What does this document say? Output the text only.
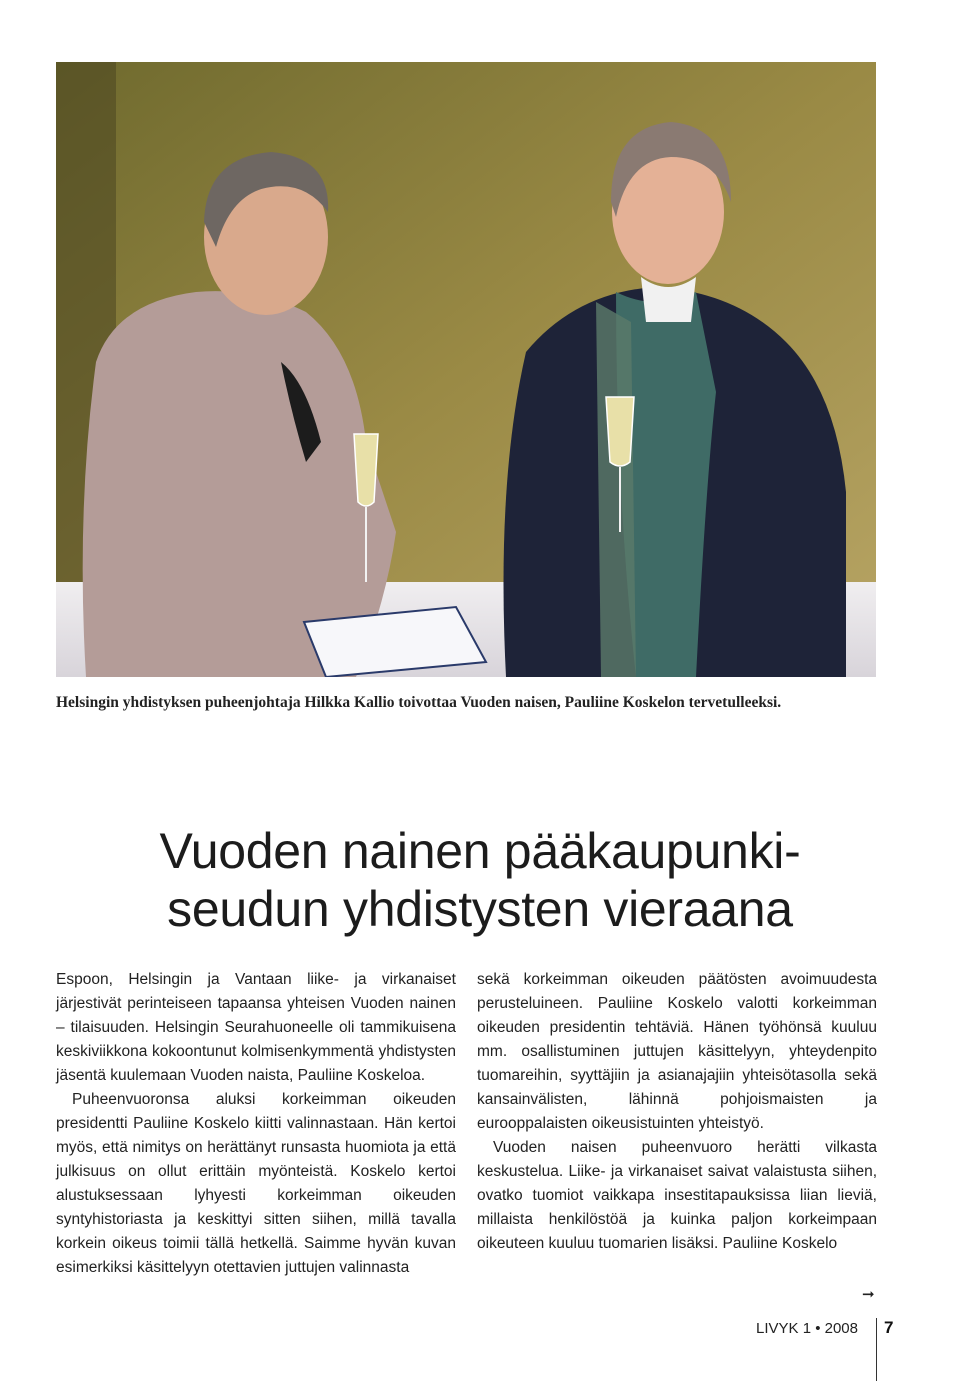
Helsingin yhdistyksen puheenjohtaja Hilkka Kallio toivottaa Vuoden naisen, Pauliine Koskelon tervetulleeksi.
Vuoden nainen pääkaupunki-
seudun yhdistysten vieraana

Espoon, Helsingin ja Vantaan liike- ja virkanaiset järjestivät perinteiseen tapaansa yhteisen Vuoden nainen – tilaisuuden. Helsingin Seurahuoneelle oli tammikuisena keskiviikkona kokoontunut kolmisenkymmentä yhdistysten jäsentä kuulemaan Vuoden naista, Pauliine Koskeloa.

Puheenvuoronsa aluksi korkeimman oikeuden presidentti Pauliine Koskelo kiitti valinnastaan. Hän kertoi myös, että nimitys on herättänyt runsasta huomiota ja että julkisuus on ollut erittäin myönteistä. Koskelo kertoi alustuksessaan lyhyesti korkeimman oikeuden syntyhistoriasta ja keskittyi sitten siihen, millä tavalla korkein oikeus toimii tällä hetkellä. Saimme hyvän kuvan esimerkiksi käsittelyyn otettavien juttujen valinnasta

sekä korkeimman oikeuden päätösten avoimuudesta perusteluineen. Pauliine Koskelo valotti korkeimman oikeuden presidentin tehtäviä. Hänen työhönsä kuuluu mm. osallistuminen juttujen käsittelyyn, yhteydenpito tuomareihin, syyttäjiin ja asianajajiin yhteisötasolla sekä kansainvälisten, lähinnä pohjoismaisten ja eurooppalaisten oikeusistuinten yhteistyö.

Vuoden naisen puheenvuoro herätti vilkasta keskustelua. Liike- ja virkanaiset saivat valaistusta siihen, ovatko tuomiot vaikkapa insestitapauksissa liian lieviä, millaista henkilöstöä ja kuinka paljon korkeimpaan oikeuteen kuuluu tuomarien lisäksi. Pauliine Koskelo

➞
LIVYK 1 • 2008 7
